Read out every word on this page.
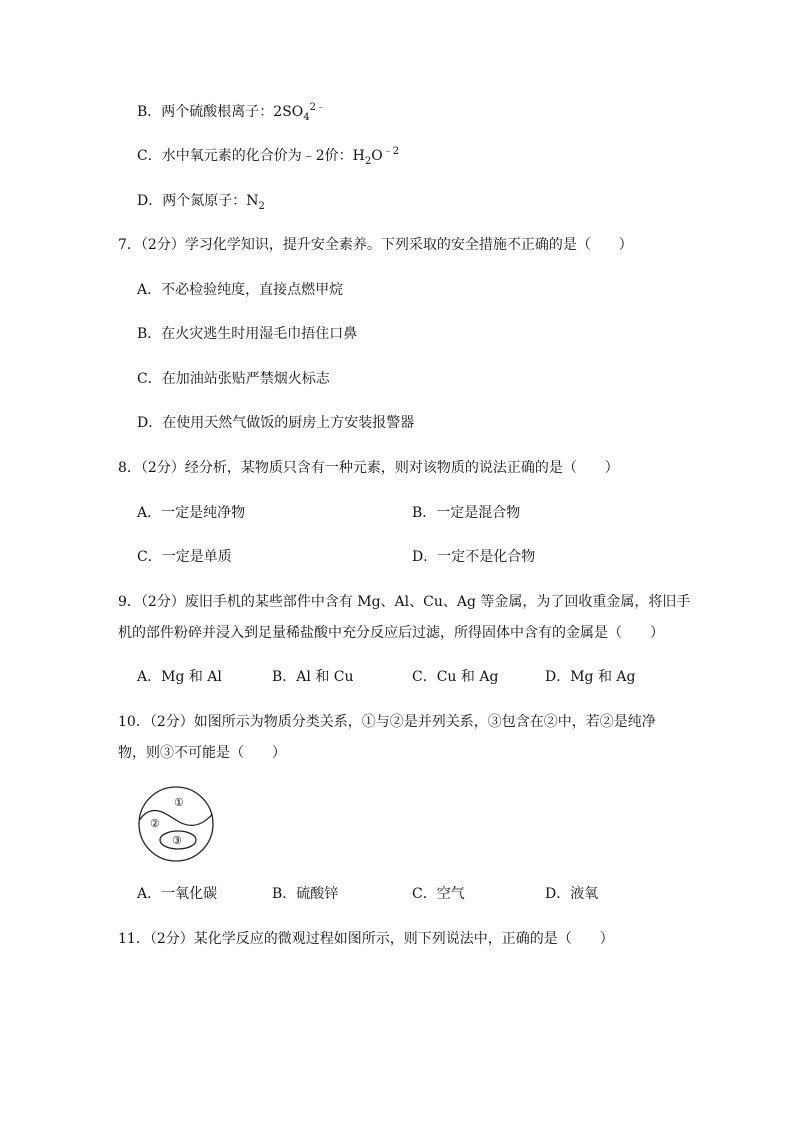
B．两个硫酸根离子：$2SO_4^{2﹣}$
C．水中氧元素的化合价为﹣2价：$H_2O^{﹣2}$
D．两个氮原子：$N_2$
7．（2分）学习化学知识，提升安全素养。下列采取的安全措施不正确的是（　　）
A．不必检验纯度，直接点燃甲烷
B．在火灾逃生时用湿毛巾捂住口鼻
C．在加油站张贴严禁烟火标志
D．在使用天然气做饭的厨房上方安装报警器
8．（2分）经分析，某物质只含有一种元素，则对该物质的说法正确的是（　　）
A．一定是纯净物	B．一定是混合物
C．一定是单质	D．一定不是化合物
9．（2分）废旧手机的某些部件中含有 Mg、Al、Cu、Ag 等金属，为了回收重金属，将旧手
机的部件粉碎并浸入到足量稀盐酸中充分反应后过滤，所得固体中含有的金属是（　　）
A．Mg 和 Al	B．Al 和 Cu	C．Cu 和 Ag	D．Mg 和 Ag
10．（2分）如图所示为物质分类关系，①与②是并列关系，③包含在②中，若②是纯净
物，则③不可能是（　　）
①
②
③
A．一氧化碳	B．硫酸锌	C．空气	D．液氧
11．（2分）某化学反应的微观过程如图所示，则下列说法中，正确的是（　　）
